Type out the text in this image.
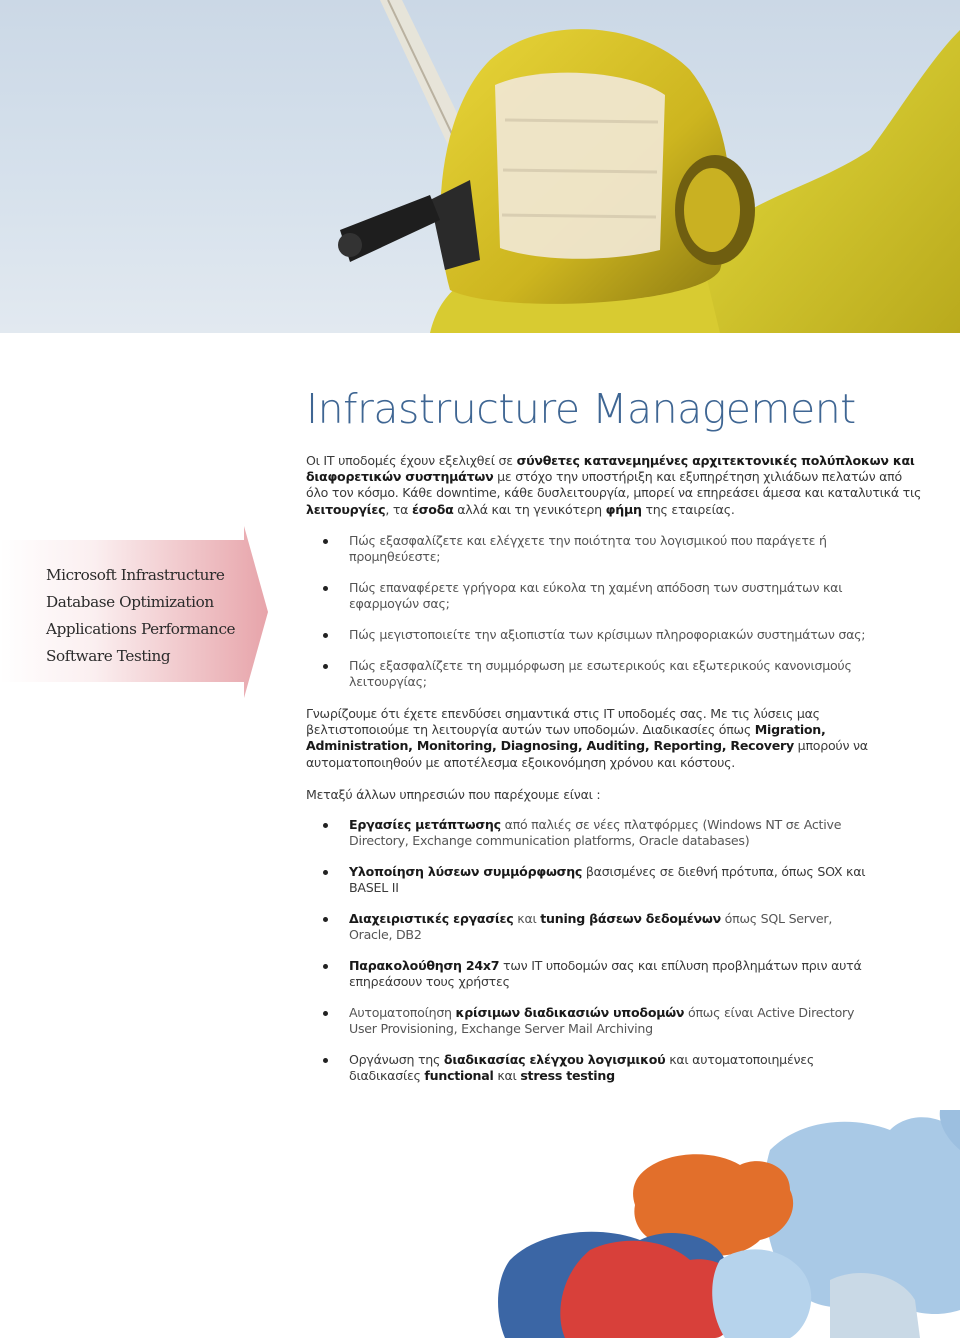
Infrastructure Management

Οι IT υποδομές έχουν εξελιχθεί σε σύνθετες κατανεμημένες αρχιτεκτονικές πολύπλοκων και διαφορετικών συστημάτων με στόχο την υποστήριξη και εξυπηρέτηση χιλιάδων πελατών από όλο τον κόσμο. Κάθε downtime, κάθε δυσλειτουργία, μπορεί να επηρεάσει άμεσα και καταλυτικά τις λειτουργίες, τα έσοδα αλλά και τη γενικότερη φήμη της εταιρείας.

Microsoft Infrastructure
Database Optimization
Applications Performance
Software Testing
Πώς εξασφαλίζετε και ελέγχετε την ποιότητα του λογισμικού που παράγετε ή προμηθεύεστε;
Πώς επαναφέρετε γρήγορα και εύκολα τη χαμένη απόδοση των συστημάτων και εφαρμογών σας;
Πώς μεγιστοποιείτε την αξιοπιστία των κρίσιμων πληροφοριακών συστημάτων σας;
Πώς εξασφαλίζετε τη συμμόρφωση με εσωτερικούς και εξωτερικούς κανονισμούς λειτουργίας;

Γνωρίζουμε ότι έχετε επενδύσει σημαντικά στις IT υποδομές σας. Με τις λύσεις μας βελτιστοποιούμε τη λειτουργία αυτών των υποδομών. Διαδικασίες όπως Migration, Administration, Monitoring, Diagnosing, Auditing, Reporting, Recovery μπορούν να αυτοματοποιηθούν με αποτέλεσμα εξοικονόμηση χρόνου και κόστους.

Μεταξύ άλλων υπηρεσιών που παρέχουμε είναι :

Εργασίες μετάπτωσης από παλιές σε νέες πλατφόρμες (Windows NT σε Active Directory, Exchange communication platforms, Oracle databases)
Υλοποίηση λύσεων συμμόρφωσης βασισμένες σε διεθνή πρότυπα, όπως SOX και BASEL II
Διαχειριστικές εργασίες και tuning βάσεων δεδομένων όπως SQL Server, Oracle, DB2
Παρακολούθηση 24x7 των IT υποδομών σας και επίλυση προβλημάτων πριν αυτά επηρεάσουν τους χρήστες
Αυτοματοποίηση κρίσιμων διαδικασιών υποδομών όπως είναι Active Directory User Provisioning, Exchange Server Mail Archiving
Οργάνωση της διαδικασίας ελέγχου λογισμικού και αυτοματοποιημένες διαδικασίες functional και stress testing
